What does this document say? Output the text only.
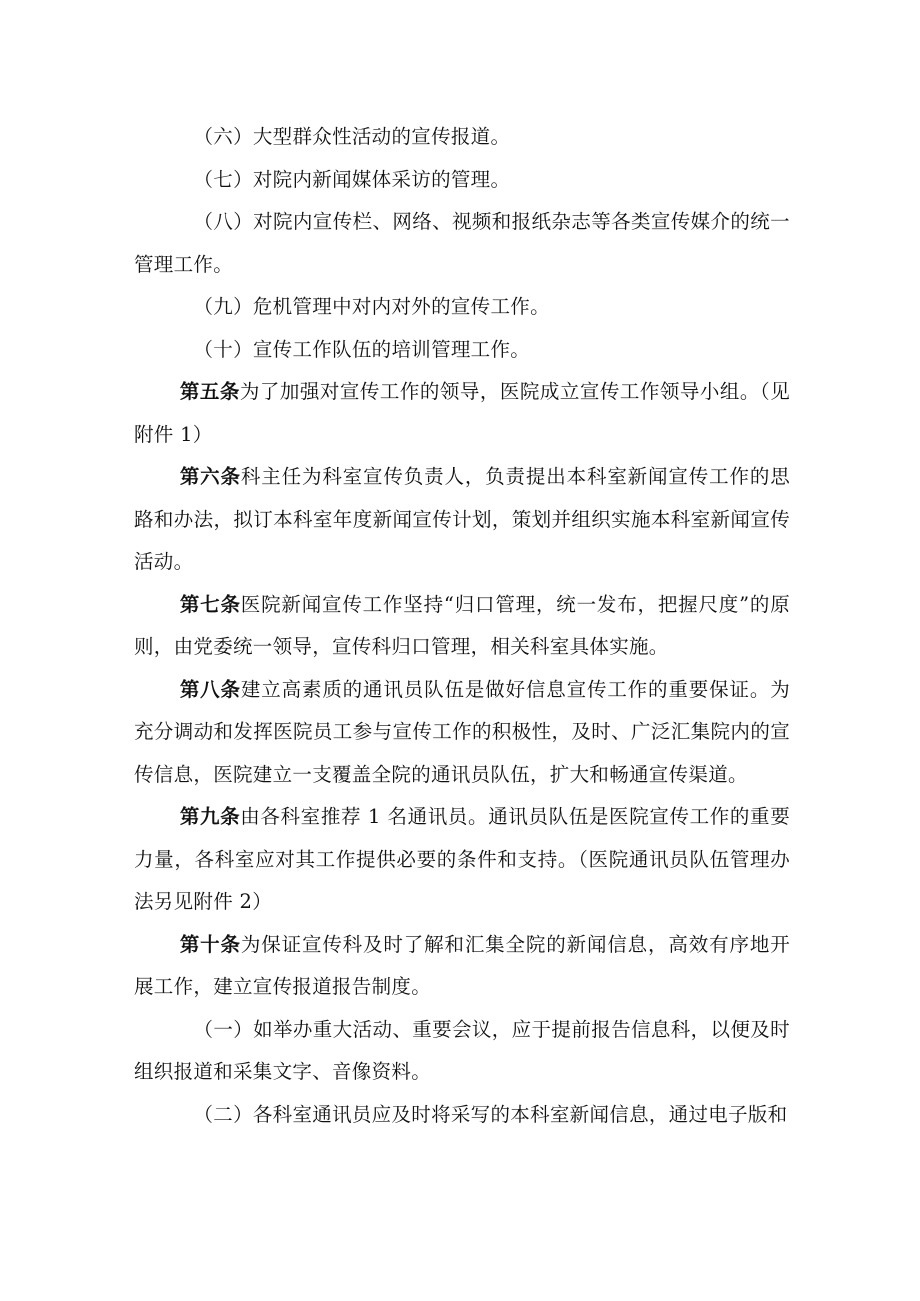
（六）大型群众性活动的宣传报道。

（七）对院内新闻媒体采访的管理。

（八）对院内宣传栏、网络、视频和报纸杂志等各类宣传媒介的统一管理工作。

（九）危机管理中对内对外的宣传工作。

（十）宣传工作队伍的培训管理工作。

第五条为了加强对宣传工作的领导，医院成立宣传工作领导小组。（见附件 1）

第六条科主任为科室宣传负责人，负责提出本科室新闻宣传工作的思路和办法，拟订本科室年度新闻宣传计划，策划并组织实施本科室新闻宣传活动。

第七条医院新闻宣传工作坚持“归口管理，统一发布，把握尺度”的原则，由党委统一领导，宣传科归口管理，相关科室具体实施。

第八条建立高素质的通讯员队伍是做好信息宣传工作的重要保证。为充分调动和发挥医院员工参与宣传工作的积极性，及时、广泛汇集院内的宣传信息，医院建立一支覆盖全院的通讯员队伍，扩大和畅通宣传渠道。

第九条由各科室推荐 1 名通讯员。通讯员队伍是医院宣传工作的重要力量，各科室应对其工作提供必要的条件和支持。（医院通讯员队伍管理办法另见附件 2）

第十条为保证宣传科及时了解和汇集全院的新闻信息，高效有序地开展工作，建立宣传报道报告制度。

（一）如举办重大活动、重要会议，应于提前报告信息科，以便及时组织报道和采集文字、音像资料。

（二）各科室通讯员应及时将采写的本科室新闻信息，通过电子版和
